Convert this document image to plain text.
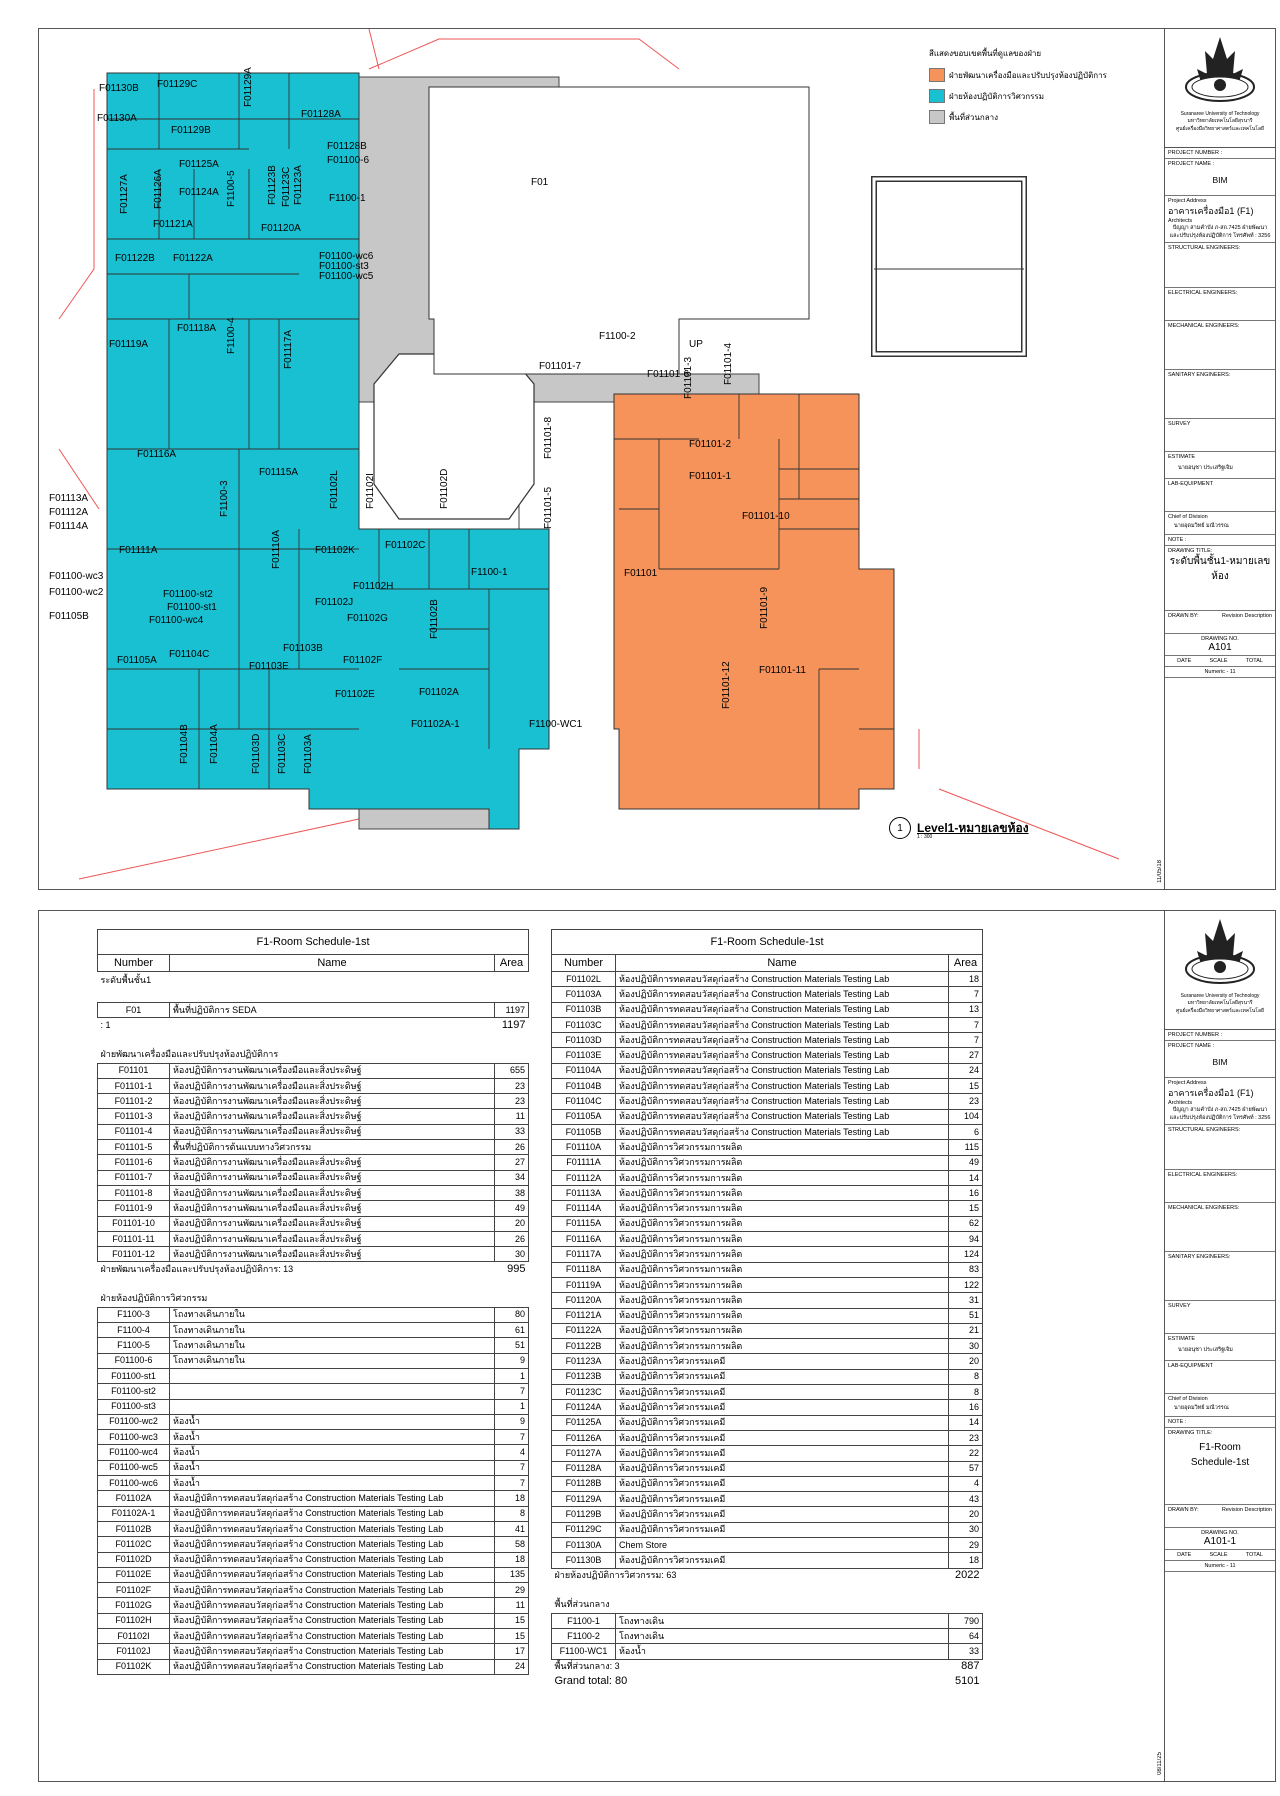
F01130B F01129C	F01129A
F01128A
F01130A
F01129B
F01128B
F01100-6
F01127A F01126A
F01125A
F01124A F1100-5	F01123B F01123C F01123A	F1100-1
F01
F01121A	F01120A
F01100-wc6
F01100-st3
F01100-wc5
F01122B F01122A
F01118A
F01119A	F1100-4	F01117A	F1100-2
UP
F01101-7
F01101-6
F01101-3	F01101-4
F01116A
F01115A
F01101-8	F01101-2
F01101-1
F01113A
F01112A
F01114A
F1100-3	F01102L	F01102I	F01102D	F01101-5	F01101-10
F01110A	F01102K	F01102C
F01111A
F01102H
F01100-wc3
F01100-wc2	F01100-st2
F01100-st1
F01105B	F01100-wc4
F01102J
F01102G	F01102B
F1100-1	F01101
F01101-9
F01103B
F01104C
F01105A
F01103E
F01102F
F01101-12	F01101-11
F01102E	F01102A
F01102A-1	F1100-WC1
F01104B F01104A	F01103D F01103C F01103A
สีแสดงขอบเขตพื้นที่ดูแลของฝ่าย
ฝ่ายพัฒนาเครื่องมือและปรับปรุงห้องปฏิบัติการ
ฝ่ายห้องปฏิบัติการวิศวกรรม
พื้นที่ส่วนกลาง
1	Level1-หมายเลขห้อง
1 : 300
11/05/18
Suranaree University of Technology
มหาวิทยาลัยเทคโนโลยีสุรนารี
ศูนย์เครื่องมือวิทยาศาสตร์และเทคโนโลยี
PROJECT NUMBER :
PROJECT NAME :
BIM
Project Address
อาคารเครื่องมือ1 (F1)
Architects
ปัญญา สามคำบัง ภ-สถ.7425 ฝ่ายพัฒนาและปรับปรุงห้องปฏิบัติการ โทรศัพท์ : 3256
STRUCTURAL ENGINEERS:
ELECTRICAL ENGINEERS:
MECHANICAL ENGINEERS:
SANITARY ENGINEERS:
SURVEY
ESTIMATE
นายอนุชา ประเสริฐเจิม
LAB-EQUIPMENT
Chief of Division
นายอุดมวิทย์ มณีวรรณ
NOTE :
DRAWING TITLE:
ระดับพื้นชั้น1-หมายเลขห้อง
DRAWN BY:	Revision Description
DRAWING NO.
A101
DATE	SCALE	TOTAL
Numeric - 11
F1-Room Schedule-1st		
Number	Name	Area
ระดับพื้นชั้น1		

F01	พื้นที่ปฏิบัติการ SEDA	1197
: 1		1197

ฝ่ายพัฒนาเครื่องมือและปรับปรุงห้องปฏิบัติการ		
F01101	ห้องปฏิบัติการงานพัฒนาเครื่องมือและสิ่งประดิษฐ์	655
F01101-1	ห้องปฏิบัติการงานพัฒนาเครื่องมือและสิ่งประดิษฐ์	23
F01101-2	ห้องปฏิบัติการงานพัฒนาเครื่องมือและสิ่งประดิษฐ์	23
F01101-3	ห้องปฏิบัติการงานพัฒนาเครื่องมือและสิ่งประดิษฐ์	11
F01101-4	ห้องปฏิบัติการงานพัฒนาเครื่องมือและสิ่งประดิษฐ์	33
F01101-5	พื้นที่ปฏิบัติการต้นแบบทางวิศวกรรม	26
F01101-6	ห้องปฏิบัติการงานพัฒนาเครื่องมือและสิ่งประดิษฐ์	27
F01101-7	ห้องปฏิบัติการงานพัฒนาเครื่องมือและสิ่งประดิษฐ์	34
F01101-8	ห้องปฏิบัติการงานพัฒนาเครื่องมือและสิ่งประดิษฐ์	38
F01101-9	ห้องปฏิบัติการงานพัฒนาเครื่องมือและสิ่งประดิษฐ์	49
F01101-10	ห้องปฏิบัติการงานพัฒนาเครื่องมือและสิ่งประดิษฐ์	20
F01101-11	ห้องปฏิบัติการงานพัฒนาเครื่องมือและสิ่งประดิษฐ์	26
F01101-12	ห้องปฏิบัติการงานพัฒนาเครื่องมือและสิ่งประดิษฐ์	30
ฝ่ายพัฒนาเครื่องมือและปรับปรุงห้องปฏิบัติการ: 13		995

ฝ่ายห้องปฏิบัติการวิศวกรรม		
F1100-3	โถงทางเดินภายใน	80
F1100-4	โถงทางเดินภายใน	61
F1100-5	โถงทางเดินภายใน	51
F01100-6	โถงทางเดินภายใน	9
F01100-st1		1
F01100-st2		7
F01100-st3		1
F01100-wc2	ห้องน้ำ	9
F01100-wc3	ห้องน้ำ	7
F01100-wc4	ห้องน้ำ	4
F01100-wc5	ห้องน้ำ	7
F01100-wc6	ห้องน้ำ	7
F01102A	ห้องปฏิบัติการทดสอบวัสดุก่อสร้าง Construction Materials Testing Lab	18
F01102A-1	ห้องปฏิบัติการทดสอบวัสดุก่อสร้าง Construction Materials Testing Lab	8
F01102B	ห้องปฏิบัติการทดสอบวัสดุก่อสร้าง Construction Materials Testing Lab	41
F01102C	ห้องปฏิบัติการทดสอบวัสดุก่อสร้าง Construction Materials Testing Lab	58
F01102D	ห้องปฏิบัติการทดสอบวัสดุก่อสร้าง Construction Materials Testing Lab	18
F01102E	ห้องปฏิบัติการทดสอบวัสดุก่อสร้าง Construction Materials Testing Lab	135
F01102F	ห้องปฏิบัติการทดสอบวัสดุก่อสร้าง Construction Materials Testing Lab	29
F01102G	ห้องปฏิบัติการทดสอบวัสดุก่อสร้าง Construction Materials Testing Lab	11
F01102H	ห้องปฏิบัติการทดสอบวัสดุก่อสร้าง Construction Materials Testing Lab	15
F01102I	ห้องปฏิบัติการทดสอบวัสดุก่อสร้าง Construction Materials Testing Lab	15
F01102J	ห้องปฏิบัติการทดสอบวัสดุก่อสร้าง Construction Materials Testing Lab	17
F01102K	ห้องปฏิบัติการทดสอบวัสดุก่อสร้าง Construction Materials Testing Lab	24
F1-Room Schedule-1st		
Number	Name	Area
F01102L	ห้องปฏิบัติการทดสอบวัสดุก่อสร้าง Construction Materials Testing Lab	18
F01103A	ห้องปฏิบัติการทดสอบวัสดุก่อสร้าง Construction Materials Testing Lab	7
F01103B	ห้องปฏิบัติการทดสอบวัสดุก่อสร้าง Construction Materials Testing Lab	13
F01103C	ห้องปฏิบัติการทดสอบวัสดุก่อสร้าง Construction Materials Testing Lab	7
F01103D	ห้องปฏิบัติการทดสอบวัสดุก่อสร้าง Construction Materials Testing Lab	7
F01103E	ห้องปฏิบัติการทดสอบวัสดุก่อสร้าง Construction Materials Testing Lab	27
F01104A	ห้องปฏิบัติการทดสอบวัสดุก่อสร้าง Construction Materials Testing Lab	24
F01104B	ห้องปฏิบัติการทดสอบวัสดุก่อสร้าง Construction Materials Testing Lab	15
F01104C	ห้องปฏิบัติการทดสอบวัสดุก่อสร้าง Construction Materials Testing Lab	23
F01105A	ห้องปฏิบัติการทดสอบวัสดุก่อสร้าง Construction Materials Testing Lab	104
F01105B	ห้องปฏิบัติการทดสอบวัสดุก่อสร้าง Construction Materials Testing Lab	6
F01110A	ห้องปฏิบัติการวิศวกรรมการผลิต	115
F01111A	ห้องปฏิบัติการวิศวกรรมการผลิต	49
F01112A	ห้องปฏิบัติการวิศวกรรมการผลิต	14
F01113A	ห้องปฏิบัติการวิศวกรรมการผลิต	16
F01114A	ห้องปฏิบัติการวิศวกรรมการผลิต	15
F01115A	ห้องปฏิบัติการวิศวกรรมการผลิต	62
F01116A	ห้องปฏิบัติการวิศวกรรมการผลิต	94
F01117A	ห้องปฏิบัติการวิศวกรรมการผลิต	124
F01118A	ห้องปฏิบัติการวิศวกรรมการผลิต	83
F01119A	ห้องปฏิบัติการวิศวกรรมการผลิต	122
F01120A	ห้องปฏิบัติการวิศวกรรมการผลิต	31
F01121A	ห้องปฏิบัติการวิศวกรรมการผลิต	51
F01122A	ห้องปฏิบัติการวิศวกรรมการผลิต	21
F01122B	ห้องปฏิบัติการวิศวกรรมการผลิต	30
F01123A	ห้องปฏิบัติการวิศวกรรมเคมี	20
F01123B	ห้องปฏิบัติการวิศวกรรมเคมี	8
F01123C	ห้องปฏิบัติการวิศวกรรมเคมี	8
F01124A	ห้องปฏิบัติการวิศวกรรมเคมี	16
F01125A	ห้องปฏิบัติการวิศวกรรมเคมี	14
F01126A	ห้องปฏิบัติการวิศวกรรมเคมี	23
F01127A	ห้องปฏิบัติการวิศวกรรมเคมี	22
F01128A	ห้องปฏิบัติการวิศวกรรมเคมี	57
F01128B	ห้องปฏิบัติการวิศวกรรมเคมี	4
F01129A	ห้องปฏิบัติการวิศวกรรมเคมี	43
F01129B	ห้องปฏิบัติการวิศวกรรมเคมี	20
F01129C	ห้องปฏิบัติการวิศวกรรมเคมี	30
F01130A	Chem Store	29
F01130B	ห้องปฏิบัติการวิศวกรรมเคมี	18
ฝ่ายห้องปฏิบัติการวิศวกรรม: 63		2022

พื้นที่ส่วนกลาง		
F1100-1	โถงทางเดิน	790
F1100-2	โถงทางเดิน	64
F1100-WC1	ห้องน้ำ	33
พื้นที่ส่วนกลาง: 3		887
Grand total: 80		5101
08/11/25
Suranaree University of Technology
มหาวิทยาลัยเทคโนโลยีสุรนารี
ศูนย์เครื่องมือวิทยาศาสตร์และเทคโนโลยี
PROJECT NUMBER :
PROJECT NAME :
BIM
Project Address
อาคารเครื่องมือ1 (F1)
Architects
ปัญญา สามคำบัง ภ-สถ.7425 ฝ่ายพัฒนาและปรับปรุงห้องปฏิบัติการ โทรศัพท์ : 3256
STRUCTURAL ENGINEERS:
ELECTRICAL ENGINEERS:
MECHANICAL ENGINEERS:
SANITARY ENGINEERS:
SURVEY
ESTIMATE
นายอนุชา ประเสริฐเจิม
LAB-EQUIPMENT
Chief of Division
นายอุดมวิทย์ มณีวรรณ
NOTE :
DRAWING TITLE:
F1-Room Schedule-1st
DRAWN BY:	Revision Description
DRAWING NO.
A101-1
DATE	SCALE	TOTAL
Numeric - 11
